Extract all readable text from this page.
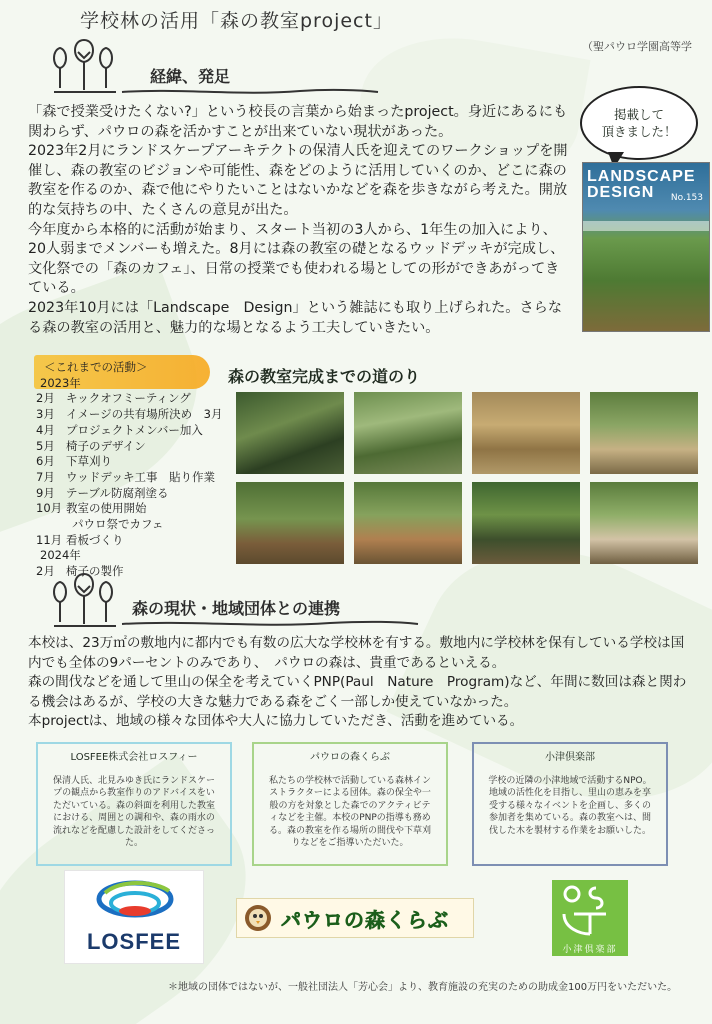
学校林の活用「森の教室project」
（聖パウロ学園高等学
経緯、発足

「森で授業受けたくない?」という校長の言葉から始まったproject。身近にあるにも関わらず、パウロの森を活かすことが出来ていない現状があった。

2023年2月にランドスケープアーキテクトの保清人氏を迎えてのワークショップを開催し、森の教室のビジョンや可能性、森をどのように活用していくのか、どこに森の教室を作るのか、森で他にやりたいことはないかなどを森を歩きながら考えた。開放的な気持ちの中、たくさんの意見が出た。

今年度から本格的に活動が始まり、スタート当初の3人から、1年生の加入により、20人弱までメンバーも増えた。8月には森の教室の礎となるウッドデッキが完成し、文化祭での「森のカフェ」、日常の授業でも使われる場としての形ができあがってきている。

2023年10月には「Landscape　Design」という雑誌にも取り上げられた。さらなる森の教室の活用と、魅力的な場となるよう工夫していきたい。

掲載して
頂きました！
LANDSCAPE
DESIGN	No.153
＜これまでの活動＞
2023年
2月 キックオフミーティング
3月 イメージの共有場所決め　3月
4月 プロジェクトメンバー加入
5月 椅子のデザイン
6月 下草刈り
7月 ウッドデッキ工事　貼り作業
9月 テーブル防腐剤塗る
10月 教室の使用開始
パウロ祭でカフェ
11月 看板づくり
2024年
2月 椅子の製作
森の教室完成までの道のり
森の現状・地域団体との連携

本校は、23万㎡の敷地内に都内でも有数の広大な学校林を有する。敷地内に学校林を保有している学校は国内でも全体の9パーセントのみであり、　パウロの森は、貴重であるといえる。

森の間伐などを通して里山の保全を考えていくPNP(Paul　Nature　Program)など、年間に数回は森と関わる機会はあるが、学校の大きな魅力である森をごく一部しか使えていなかった。

本projectは、地域の様々な団体や大人に協力していただき、活動を進めている。

LOSFEE株式会社ロスフィー
保清人氏、北見みゆき氏にランドスケープの観点から教室作りのアドバイスをいただいている。森の斜面を利用した教室における、周囲との調和や、森の雨水の流れなどを配慮した設計をしてくださった。
パウロの森くらぶ
私たちの学校林で活動している森林インストラクターによる団体。森の保全や一般の方を対象とした森でのアクティビティなどを主催。本校のPNPの指導も務める。森の教室を作る場所の間伐や下草刈りなどをご指導いただいた。
小津倶楽部
学校の近隣の小津地域で活動するNPO。地域の活性化を目指し、里山の恵みを享受する様々なイベントを企画し、多くの参加者を集めている。森の教室へは、間伐した木を製材する作業をお願いした。
LOSFEE
パウロの森くらぶ
小津倶楽部
＊地域の団体ではないが、一般社団法人「芳心会」より、教育施設の充実のための助成金100万円をいただいた。
